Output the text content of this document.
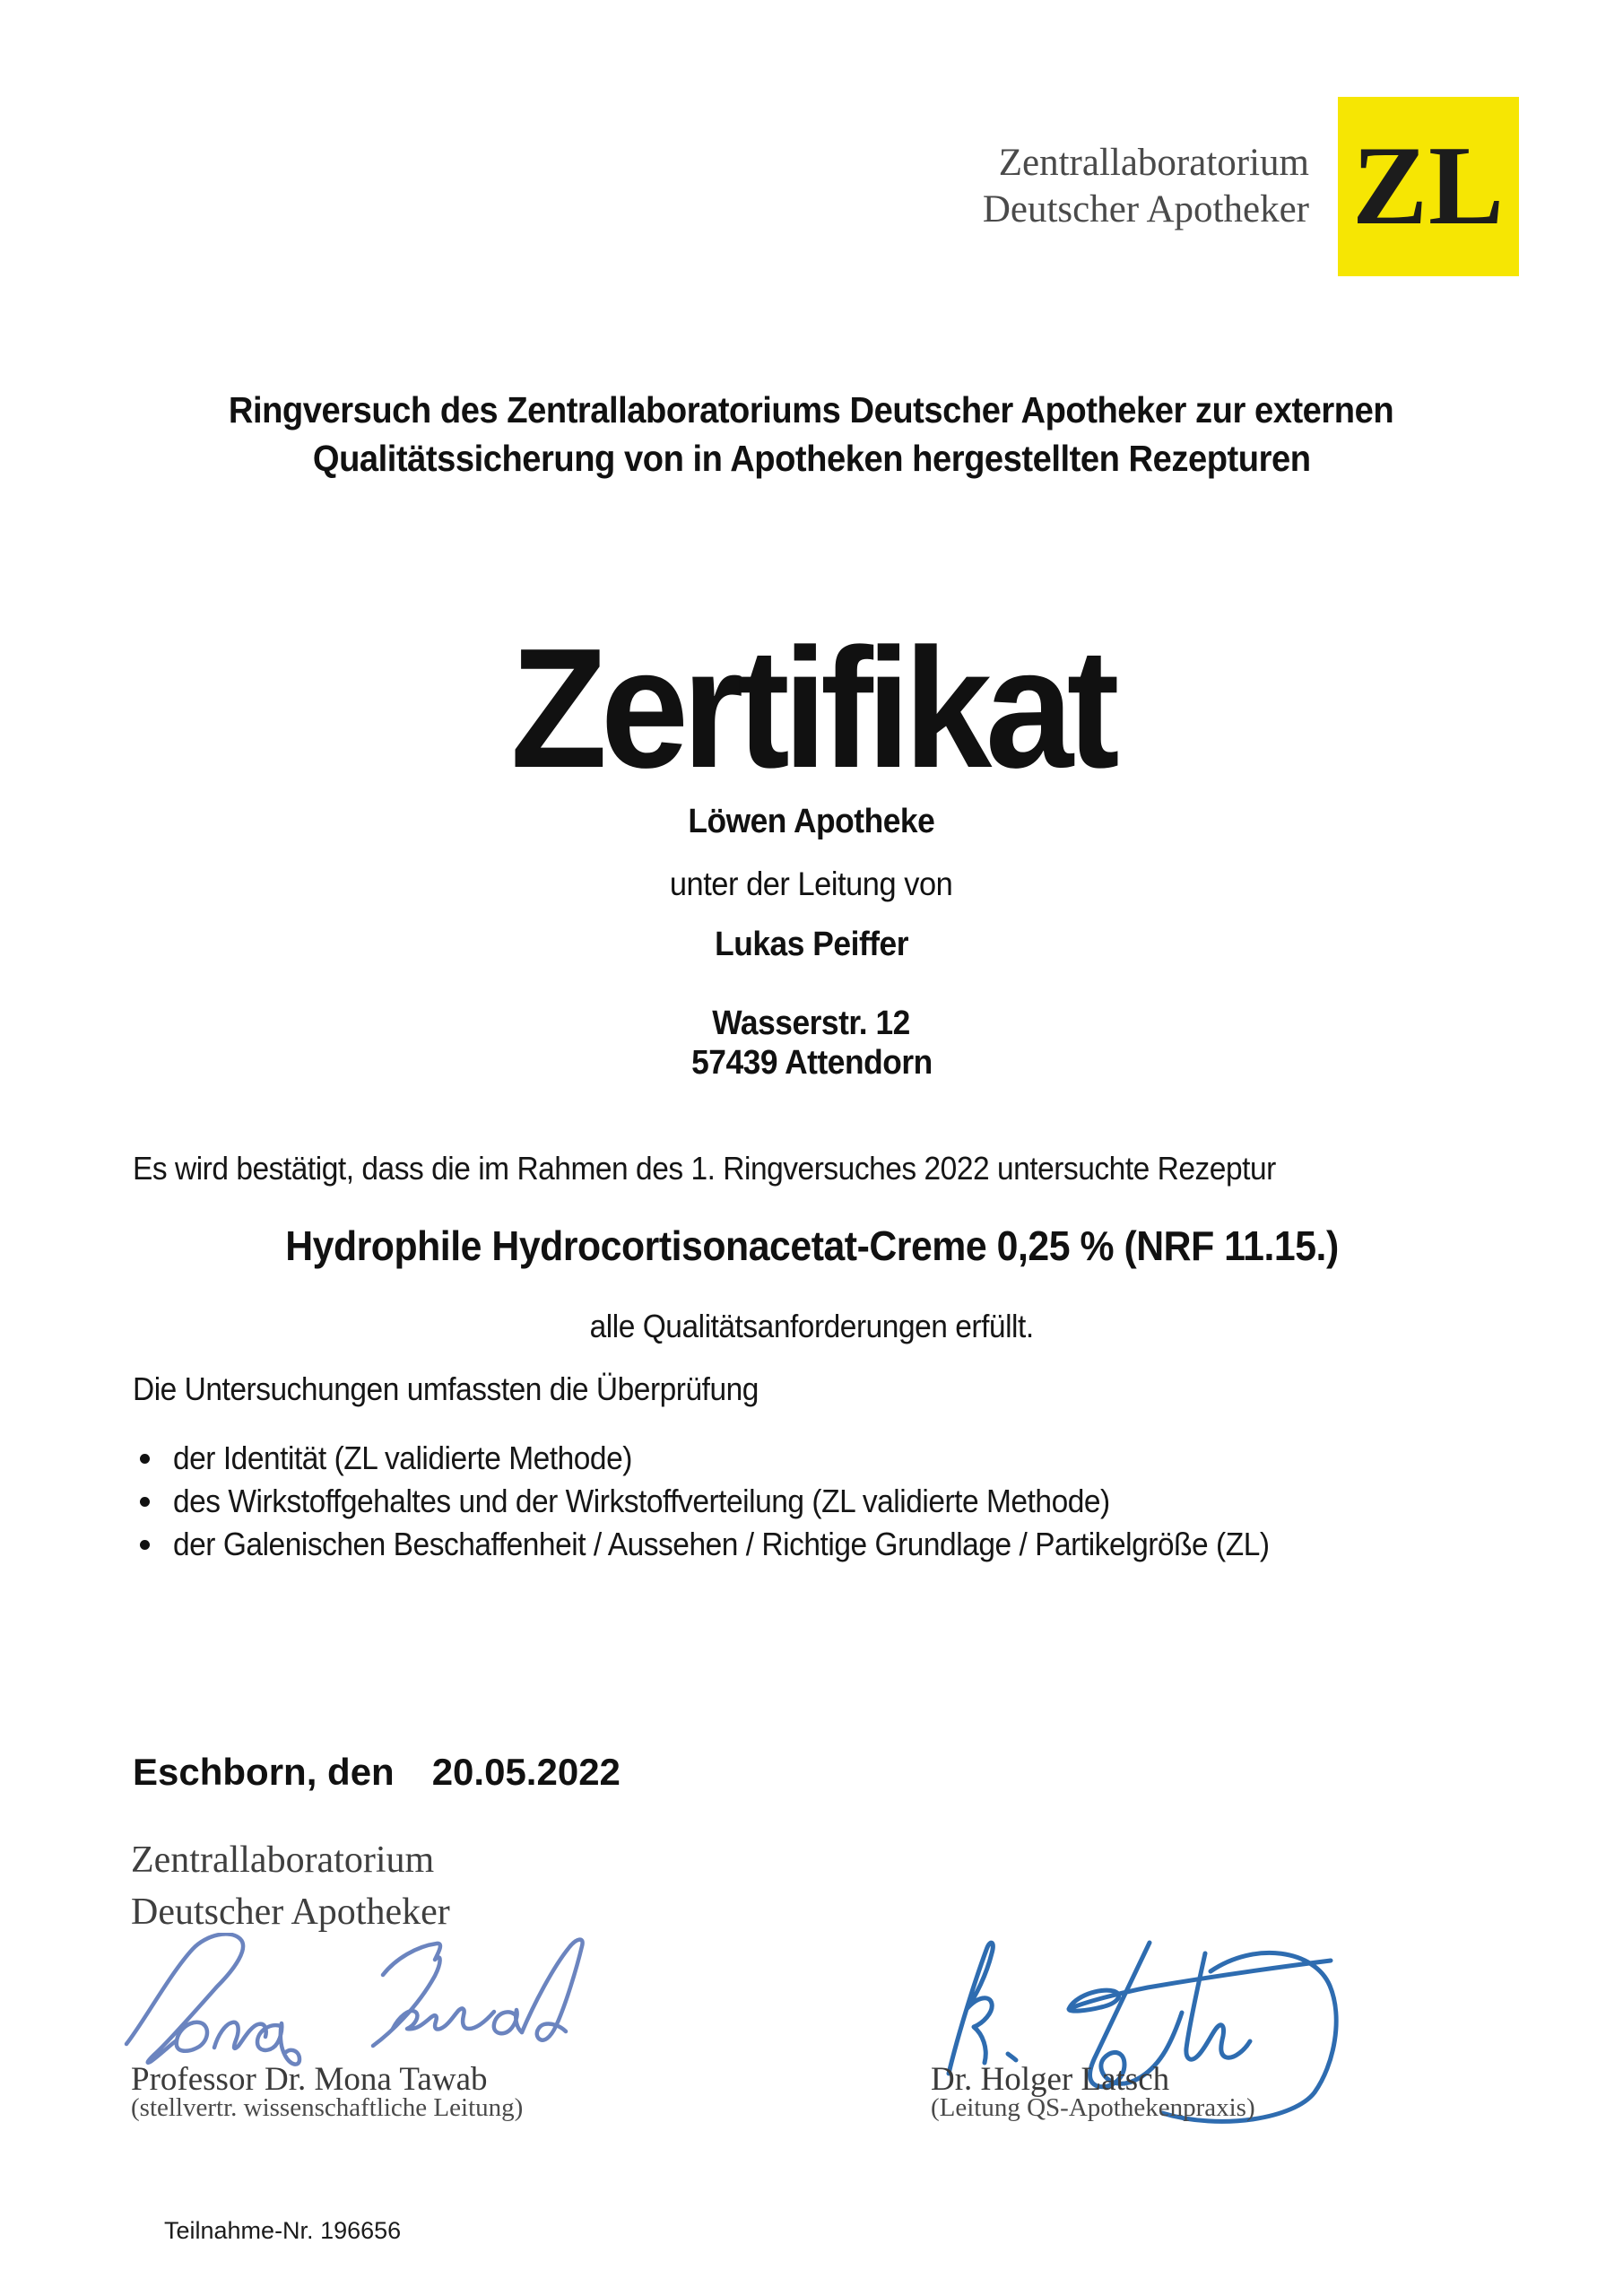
Zentrallaboratorium
Deutscher Apotheker ZL
Ringversuch des Zentrallaboratoriums Deutscher Apotheker zur externen
Qualitätssicherung von in Apotheken hergestellten Rezepturen
Zertifikat
Löwen Apotheke
unter der Leitung von
Lukas Peiffer
Wasserstr. 12
57439 Attendorn
Es wird bestätigt, dass die im Rahmen des 1. Ringversuches 2022 untersuchte Rezeptur
Hydrophile Hydrocortisonacetat-Creme 0,25 % (NRF 11.15.)
alle Qualitätsanforderungen erfüllt.
Die Untersuchungen umfassten die Überprüfung
der Identität (ZL validierte Methode)
des Wirkstoffgehaltes und der Wirkstoffverteilung (ZL validierte Methode)
der Galenischen Beschaffenheit / Aussehen / Richtige Grundlage / Partikelgröße (ZL)
Eschborn, den 20.05.2022
Zentrallaboratorium
Deutscher Apotheker
Professor Dr. Mona Tawab
(stellvertr. wissenschaftliche Leitung)
Dr. Holger Latsch
(Leitung QS-Apothekenpraxis)
Teilnahme-Nr. 196656
